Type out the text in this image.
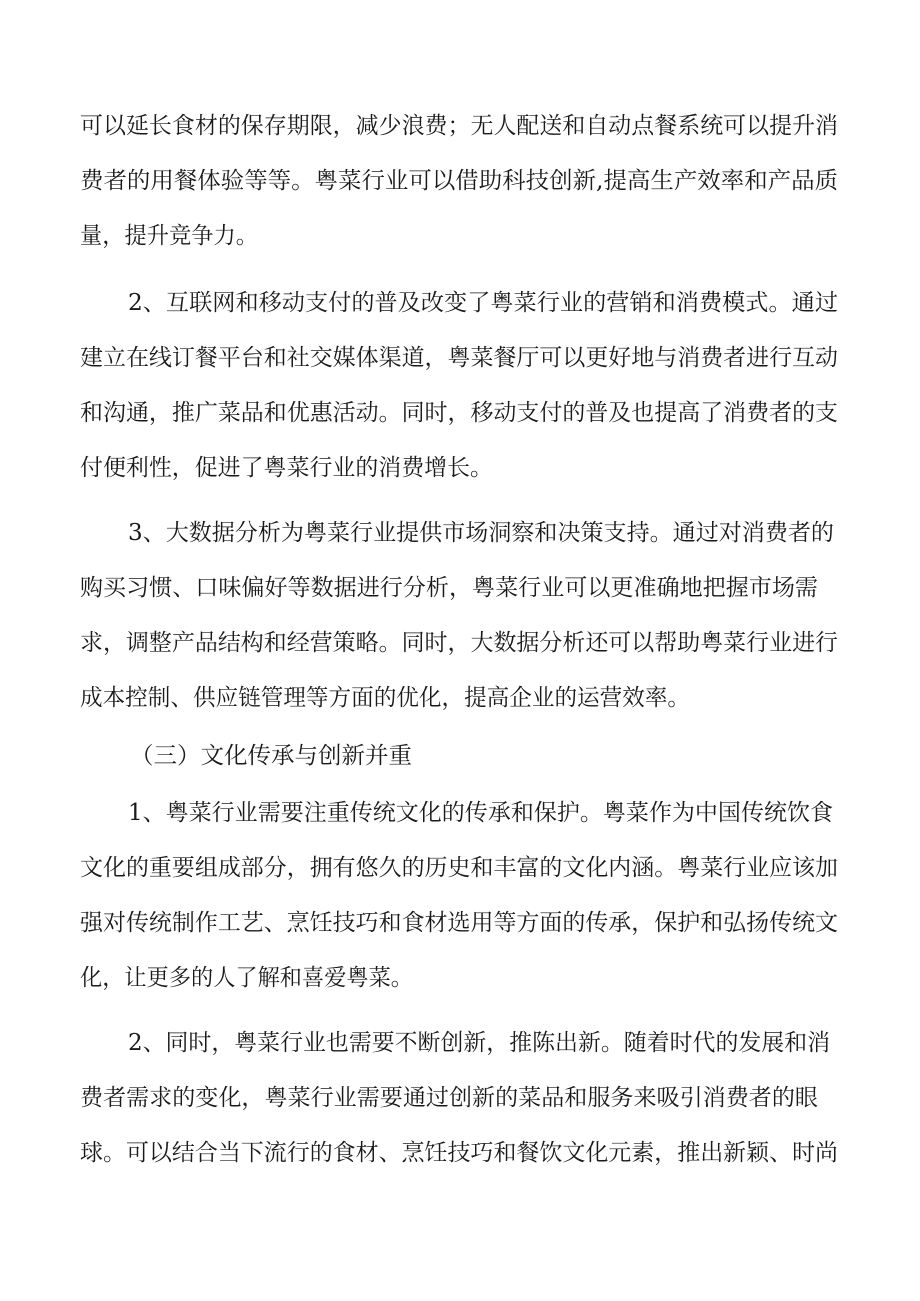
可以延长食材的保存期限，减少浪费；无人配送和自动点餐系统可以提升消
费者的用餐体验等等。粤菜行业可以借助科技创新,提高生产效率和产品质
量，提升竞争力。
2、互联网和移动支付的普及改变了粤菜行业的营销和消费模式。通过
建立在线订餐平台和社交媒体渠道，粤菜餐厅可以更好地与消费者进行互动
和沟通，推广菜品和优惠活动。同时，移动支付的普及也提高了消费者的支
付便利性，促进了粤菜行业的消费增长。
3、大数据分析为粤菜行业提供市场洞察和决策支持。通过对消费者的
购买习惯、口味偏好等数据进行分析，粤菜行业可以更准确地把握市场需
求，调整产品结构和经营策略。同时，大数据分析还可以帮助粤菜行业进行
成本控制、供应链管理等方面的优化，提高企业的运营效率。
（三）文化传承与创新并重
1、粤菜行业需要注重传统文化的传承和保护。粤菜作为中国传统饮食
文化的重要组成部分，拥有悠久的历史和丰富的文化内涵。粤菜行业应该加
强对传统制作工艺、烹饪技巧和食材选用等方面的传承，保护和弘扬传统文
化，让更多的人了解和喜爱粤菜。
2、同时，粤菜行业也需要不断创新，推陈出新。随着时代的发展和消
费者需求的变化，粤菜行业需要通过创新的菜品和服务来吸引消费者的眼
球。可以结合当下流行的食材、烹饪技巧和餐饮文化元素，推出新颖、时尚
